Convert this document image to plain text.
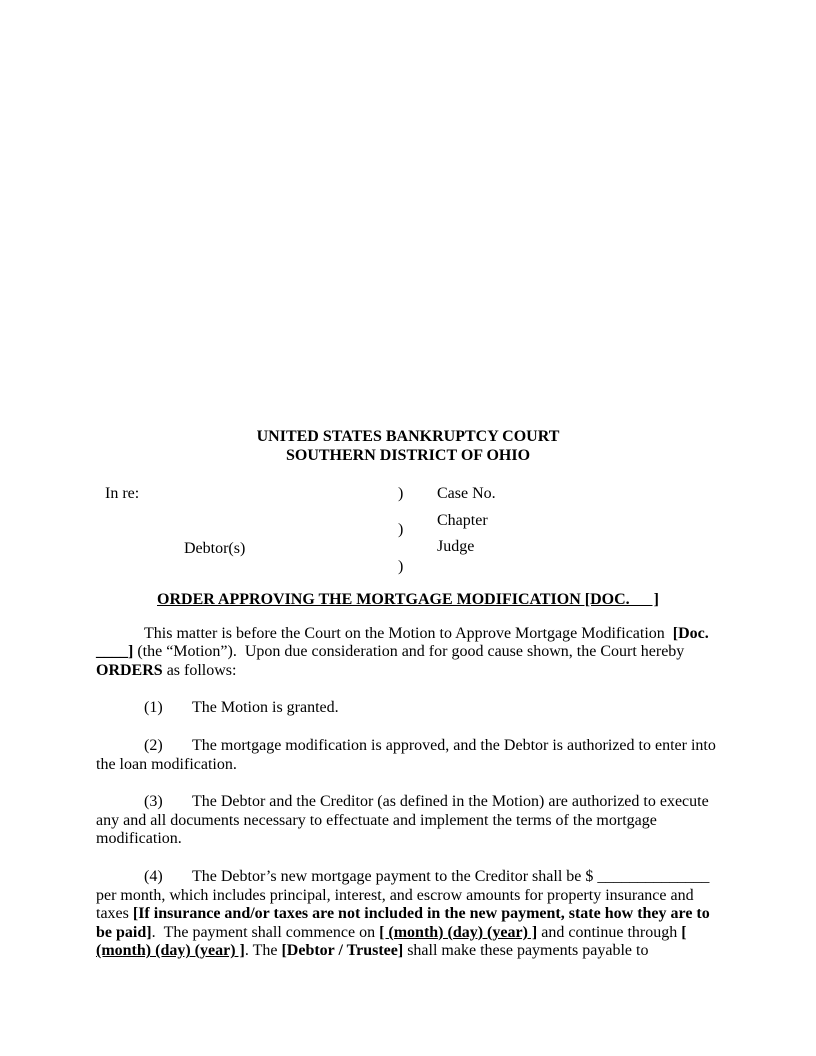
UNITED STATES BANKRUPTCY COURT
SOUTHERN DISTRICT OF OHIO
In re:
Debtor(s)
)
)
)
Case No.
Chapter
Judge
ORDER APPROVING THE MORTGAGE MODIFICATION [DOC.      ]

This matter is before the Court on the Motion to Approve Mortgage Modification  [Doc. ____] (the “Motion”).  Upon due consideration and for good cause shown, the Court hereby ORDERS as follows:

(1) The Motion is granted.

(2) The mortgage modification is approved, and the Debtor is authorized to enter into the loan modification.

(3) The Debtor and the Creditor (as defined in the Motion) are authorized to execute any and all documents necessary to effectuate and implement the terms of the mortgage modification.

(4) The Debtor’s new mortgage payment to the Creditor shall be $ ______________ per month, which includes principal, interest, and escrow amounts for property insurance and taxes [If insurance and/or taxes are not included in the new payment, state how they are to be paid].  The payment shall commence on [ (month) (day) (year) ] and continue through [ (month) (day) (year) ]. The [Debtor / Trustee] shall make these payments payable to
